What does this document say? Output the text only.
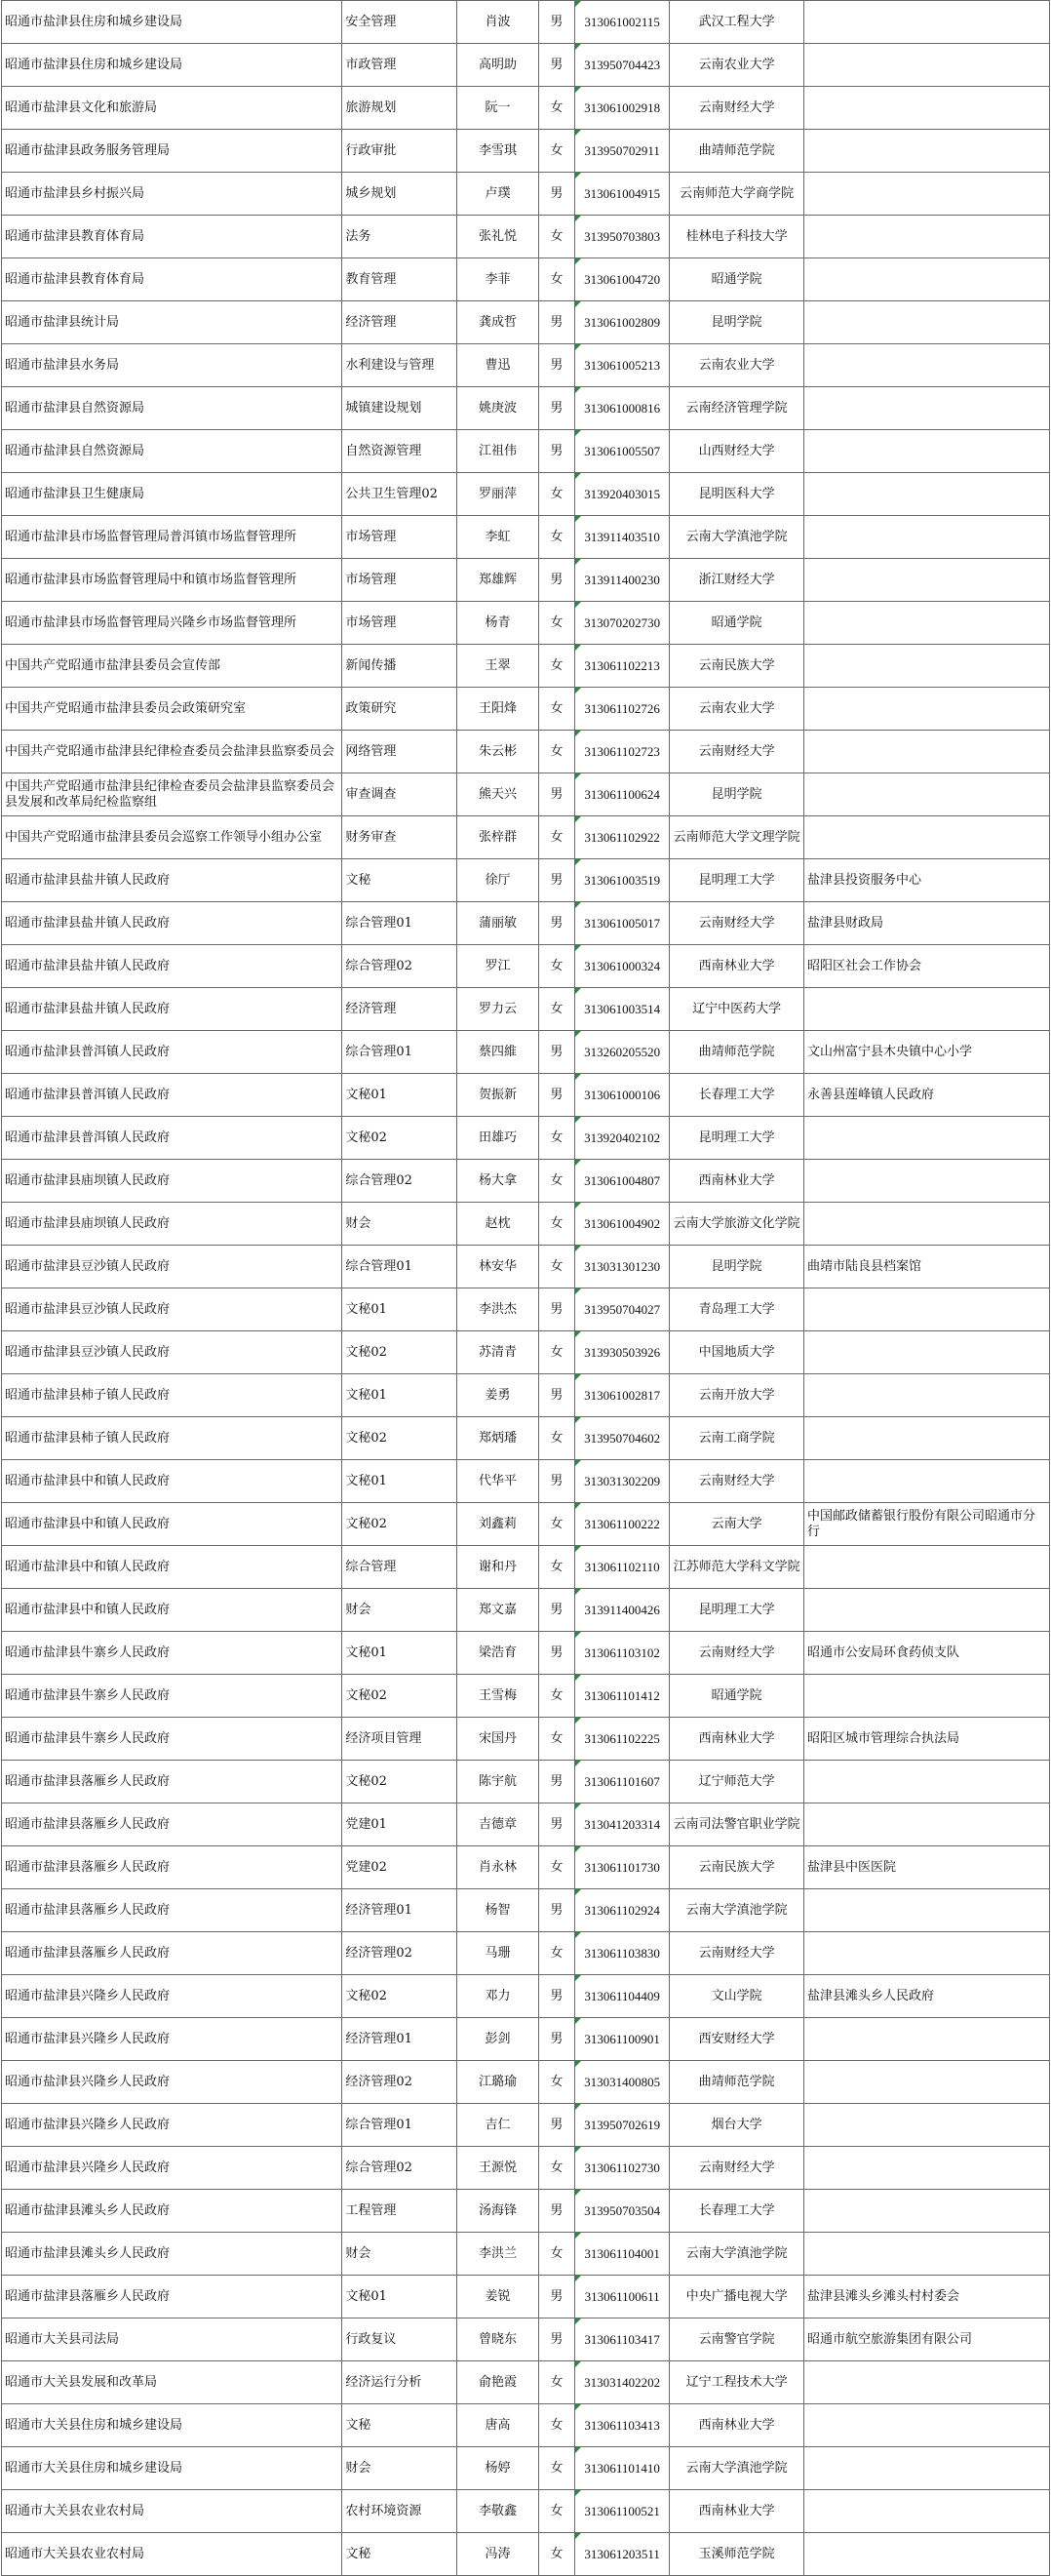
昭通市盐津县住房和城乡建设局	安全管理	肖波	男	313061002115	武汉工程大学	
昭通市盐津县住房和城乡建设局	市政管理	高明助	男	313950704423	云南农业大学	
昭通市盐津县文化和旅游局	旅游规划	阮一	女	313061002918	云南财经大学	
昭通市盐津县政务服务管理局	行政审批	李雪琪	女	313950702911	曲靖师范学院	
昭通市盐津县乡村振兴局	城乡规划	卢璞	男	313061004915	云南师范大学商学院	
昭通市盐津县教育体育局	法务	张礼悦	女	313950703803	桂林电子科技大学	
昭通市盐津县教育体育局	教育管理	李菲	女	313061004720	昭通学院	
昭通市盐津县统计局	经济管理	龚成哲	男	313061002809	昆明学院	
昭通市盐津县水务局	水利建设与管理	曹迅	男	313061005213	云南农业大学	
昭通市盐津县自然资源局	城镇建设规划	姚庚波	男	313061000816	云南经济管理学院	
昭通市盐津县自然资源局	自然资源管理	江祖伟	男	313061005507	山西财经大学	
昭通市盐津县卫生健康局	公共卫生管理02	罗丽萍	女	313920403015	昆明医科大学	
昭通市盐津县市场监督管理局普洱镇市场监督管理所	市场管理	李虹	女	313911403510	云南大学滇池学院	
昭通市盐津县市场监督管理局中和镇市场监督管理所	市场管理	郑雄辉	男	313911400230	浙江财经大学	
昭通市盐津县市场监督管理局兴隆乡市场监督管理所	市场管理	杨青	女	313070202730	昭通学院	
中国共产党昭通市盐津县委员会宣传部	新闻传播	王翠	女	313061102213	云南民族大学	
中国共产党昭通市盐津县委员会政策研究室	政策研究	王阳烽	女	313061102726	云南农业大学	
中国共产党昭通市盐津县纪律检查委员会盐津县监察委员会	网络管理	朱云彬	女	313061102723	云南财经大学	
中国共产党昭通市盐津县纪律检查委员会盐津县监察委员会县发展和改革局纪检监察组	审查调查	熊天兴	男	313061100624	昆明学院	
中国共产党昭通市盐津县委员会巡察工作领导小组办公室	财务审查	张梓群	女	313061102922	云南师范大学文理学院	
昭通市盐津县盐井镇人民政府	文秘	徐厅	男	313061003519	昆明理工大学	盐津县投资服务中心
昭通市盐津县盐井镇人民政府	综合管理01	蒲丽敏	男	313061005017	云南财经大学	盐津县财政局
昭通市盐津县盐井镇人民政府	综合管理02	罗江	女	313061000324	西南林业大学	昭阳区社会工作协会
昭通市盐津县盐井镇人民政府	经济管理	罗力云	女	313061003514	辽宁中医药大学	
昭通市盐津县普洱镇人民政府	综合管理01	蔡四維	男	313260205520	曲靖师范学院	文山州富宁县木央镇中心小学
昭通市盐津县普洱镇人民政府	文秘01	贺振新	男	313061000106	长春理工大学	永善县莲峰镇人民政府
昭通市盐津县普洱镇人民政府	文秘02	田雄巧	女	313920402102	昆明理工大学	
昭通市盐津县庙坝镇人民政府	综合管理02	杨大拿	女	313061004807	西南林业大学	
昭通市盐津县庙坝镇人民政府	财会	赵枕	女	313061004902	云南大学旅游文化学院	
昭通市盐津县豆沙镇人民政府	综合管理01	林安华	女	313031301230	昆明学院	曲靖市陆良县档案馆
昭通市盐津县豆沙镇人民政府	文秘01	李洪杰	男	313950704027	青岛理工大学	
昭通市盐津县豆沙镇人民政府	文秘02	苏清青	女	313930503926	中国地质大学	
昭通市盐津县柿子镇人民政府	文秘01	姜勇	男	313061002817	云南开放大学	
昭通市盐津县柿子镇人民政府	文秘02	郑炳璠	女	313950704602	云南工商学院	
昭通市盐津县中和镇人民政府	文秘01	代华平	男	313031302209	云南财经大学	
昭通市盐津县中和镇人民政府	文秘02	刘鑫莉	女	313061100222	云南大学	中国邮政储蓄银行股份有限公司昭通市分行
昭通市盐津县中和镇人民政府	综合管理	谢和丹	女	313061102110	江苏师范大学科文学院	
昭通市盐津县中和镇人民政府	财会	郑文嘉	男	313911400426	昆明理工大学	
昭通市盐津县牛寨乡人民政府	文秘01	梁浩育	男	313061103102	云南财经大学	昭通市公安局环食药侦支队
昭通市盐津县牛寨乡人民政府	文秘02	王雪梅	女	313061101412	昭通学院	
昭通市盐津县牛寨乡人民政府	经济项目管理	宋国丹	女	313061102225	西南林业大学	昭阳区城市管理综合执法局
昭通市盐津县落雁乡人民政府	文秘02	陈宇航	男	313061101607	辽宁师范大学	
昭通市盐津县落雁乡人民政府	党建01	吉德章	男	313041203314	云南司法警官职业学院	
昭通市盐津县落雁乡人民政府	党建02	肖永林	女	313061101730	云南民族大学	盐津县中医医院
昭通市盐津县落雁乡人民政府	经济管理01	杨智	男	313061102924	云南大学滇池学院	
昭通市盐津县落雁乡人民政府	经济管理02	马珊	女	313061103830	云南财经大学	
昭通市盐津县兴隆乡人民政府	文秘02	邓力	男	313061104409	文山学院	盐津县滩头乡人民政府
昭通市盐津县兴隆乡人民政府	经济管理01	彭剑	男	313061100901	西安财经大学	
昭通市盐津县兴隆乡人民政府	经济管理02	江璐瑜	女	313031400805	曲靖师范学院	
昭通市盐津县兴隆乡人民政府	综合管理01	吉仁	男	313950702619	烟台大学	
昭通市盐津县兴隆乡人民政府	综合管理02	王源悦	女	313061102730	云南财经大学	
昭通市盐津县滩头乡人民政府	工程管理	汤海锋	男	313950703504	长春理工大学	
昭通市盐津县滩头乡人民政府	财会	李洪兰	女	313061104001	云南大学滇池学院	
昭通市盐津县落雁乡人民政府	文秘01	姜锐	男	313061100611	中央广播电视大学	盐津县滩头乡滩头村村委会
昭通市大关县司法局	行政复议	曾晓东	男	313061103417	云南警官学院	昭通市航空旅游集团有限公司
昭通市大关县发展和改革局	经济运行分析	俞艳霞	女	313031402202	辽宁工程技术大学	
昭通市大关县住房和城乡建设局	文秘	唐高	女	313061103413	西南林业大学	
昭通市大关县住房和城乡建设局	财会	杨婷	女	313061101410	云南大学滇池学院	
昭通市大关县农业农村局	农村环境资源	李敬鑫	女	313061100521	西南林业大学	
昭通市大关县农业农村局	文秘	冯涛	女	313061203511	玉溪师范学院	
